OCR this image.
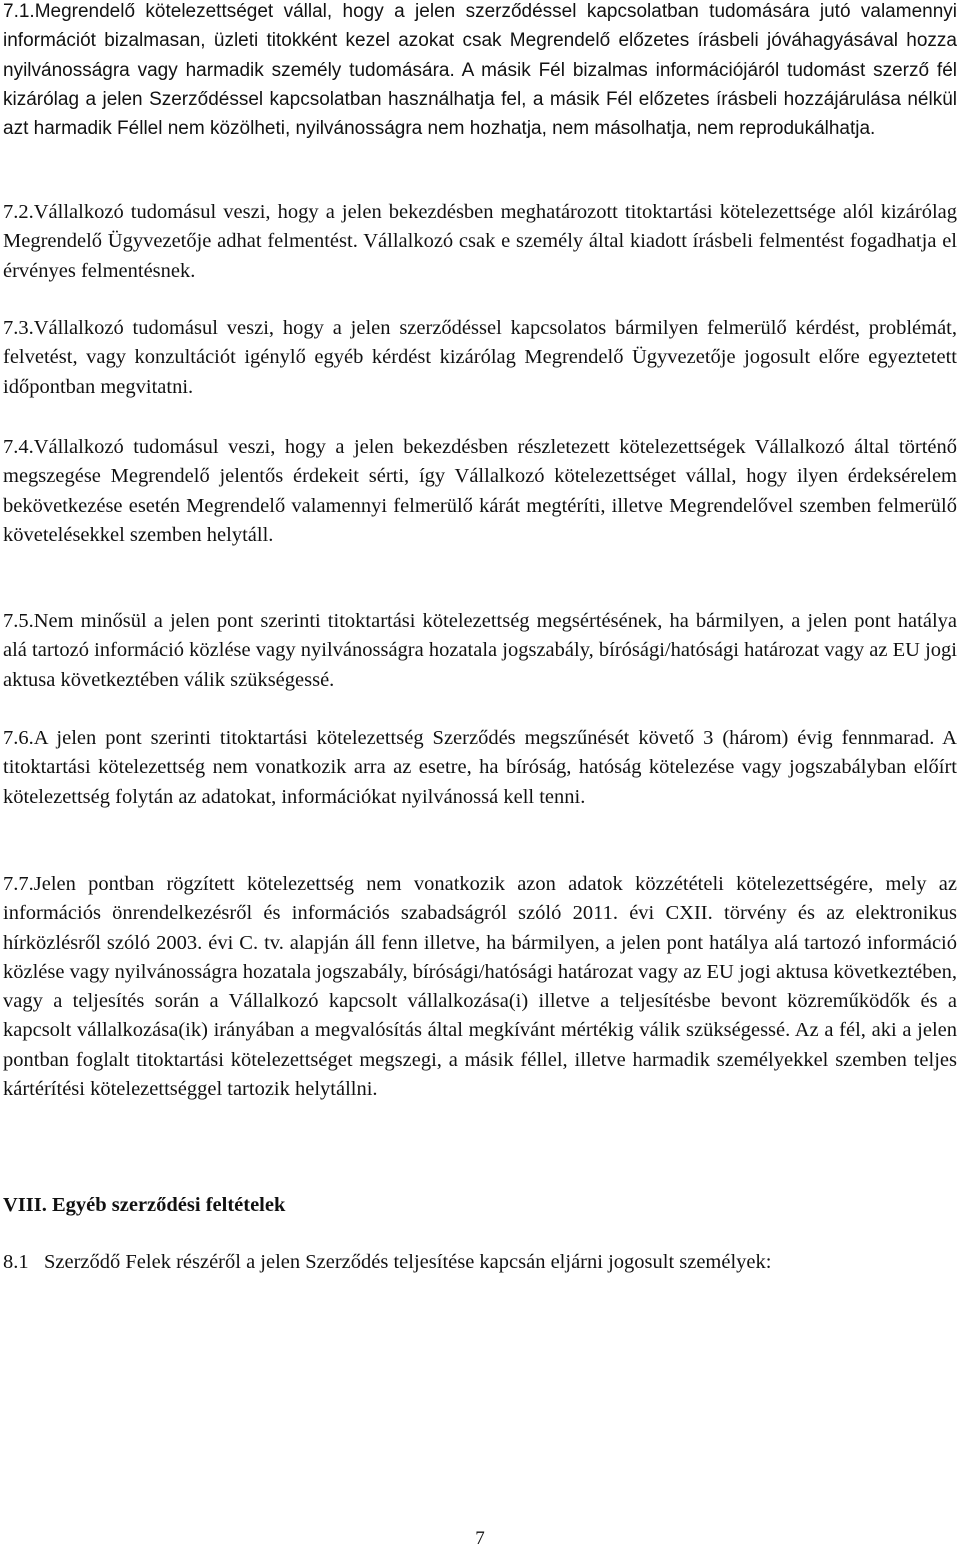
7.1.Megrendelő kötelezettséget vállal, hogy a jelen szerződéssel kapcsolatban tudomására jutó valamennyi információt bizalmasan, üzleti titokként kezel azokat csak Megrendelő előzetes írásbeli jóváhagyásával hozza nyilvánosságra vagy harmadik személy tudomására. A másik Fél bizalmas információjáról tudomást szerző fél kizárólag a jelen Szerződéssel kapcsolatban használhatja fel, a másik Fél előzetes írásbeli hozzájárulása nélkül azt harmadik Féllel nem közölheti, nyilvánosságra nem hozhatja, nem másolhatja, nem reprodukálhatja.

7.2.Vállalkozó tudomásul veszi, hogy a jelen bekezdésben meghatározott titoktartási kötelezettsége alól kizárólag Megrendelő Ügyvezetője adhat felmentést. Vállalkozó csak e személy által kiadott írásbeli felmentést fogadhatja el érvényes felmentésnek.

7.3.Vállalkozó tudomásul veszi, hogy a jelen szerződéssel kapcsolatos bármilyen felmerülő kérdést, problémát, felvetést, vagy konzultációt igénylő egyéb kérdést kizárólag Megrendelő Ügyvezetője jogosult előre egyeztetett időpontban megvitatni.

7.4.Vállalkozó tudomásul veszi, hogy a jelen bekezdésben részletezett kötelezettségek Vállalkozó által történő megszegése Megrendelő jelentős érdekeit sérti, így Vállalkozó kötelezettséget vállal, hogy ilyen érdeksérelem bekövetkezése esetén Megrendelő valamennyi felmerülő kárát megtéríti, illetve Megrendelővel szemben felmerülő követelésekkel szemben helytáll.

7.5.Nem minősül a jelen pont szerinti titoktartási kötelezettség megsértésének, ha bármilyen, a jelen pont hatálya alá tartozó információ közlése vagy nyilvánosságra hozatala jogszabály, bírósági/hatósági határozat vagy az EU jogi aktusa következtében válik szükségessé.

7.6.A jelen pont szerinti titoktartási kötelezettség Szerződés megszűnését követő 3 (három) évig fennmarad. A titoktartási kötelezettség nem vonatkozik arra az esetre, ha bíróság, hatóság kötelezése vagy jogszabályban előírt kötelezettség folytán az adatokat, információkat nyilvánossá kell tenni.

7.7.Jelen pontban rögzített kötelezettség nem vonatkozik azon adatok közzétételi kötelezettségére, mely az információs önrendelkezésről és információs szabadságról szóló 2011. évi CXII. törvény és az elektronikus hírközlésről szóló 2003. évi C. tv. alapján áll fenn illetve, ha bármilyen, a jelen pont hatálya alá tartozó információ közlése vagy nyilvánosságra hozatala jogszabály, bírósági/hatósági határozat vagy az EU jogi aktusa következtében, vagy a teljesítés során a Vállalkozó kapcsolt vállalkozása(i) illetve a teljesítésbe bevont közreműködők és a kapcsolt vállalkozása(ik) irányában a megvalósítás által megkívánt mértékig válik szükségessé. Az a fél, aki a jelen pontban foglalt titoktartási kötelezettséget megszegi, a másik féllel, illetve harmadik személyekkel szemben teljes kártérítési kötelezettséggel tartozik helytállni.

VIII. Egyéb szerződési feltételek

8.1   Szerződő Felek részéről a jelen Szerződés teljesítése kapcsán eljárni jogosult személyek:

7
